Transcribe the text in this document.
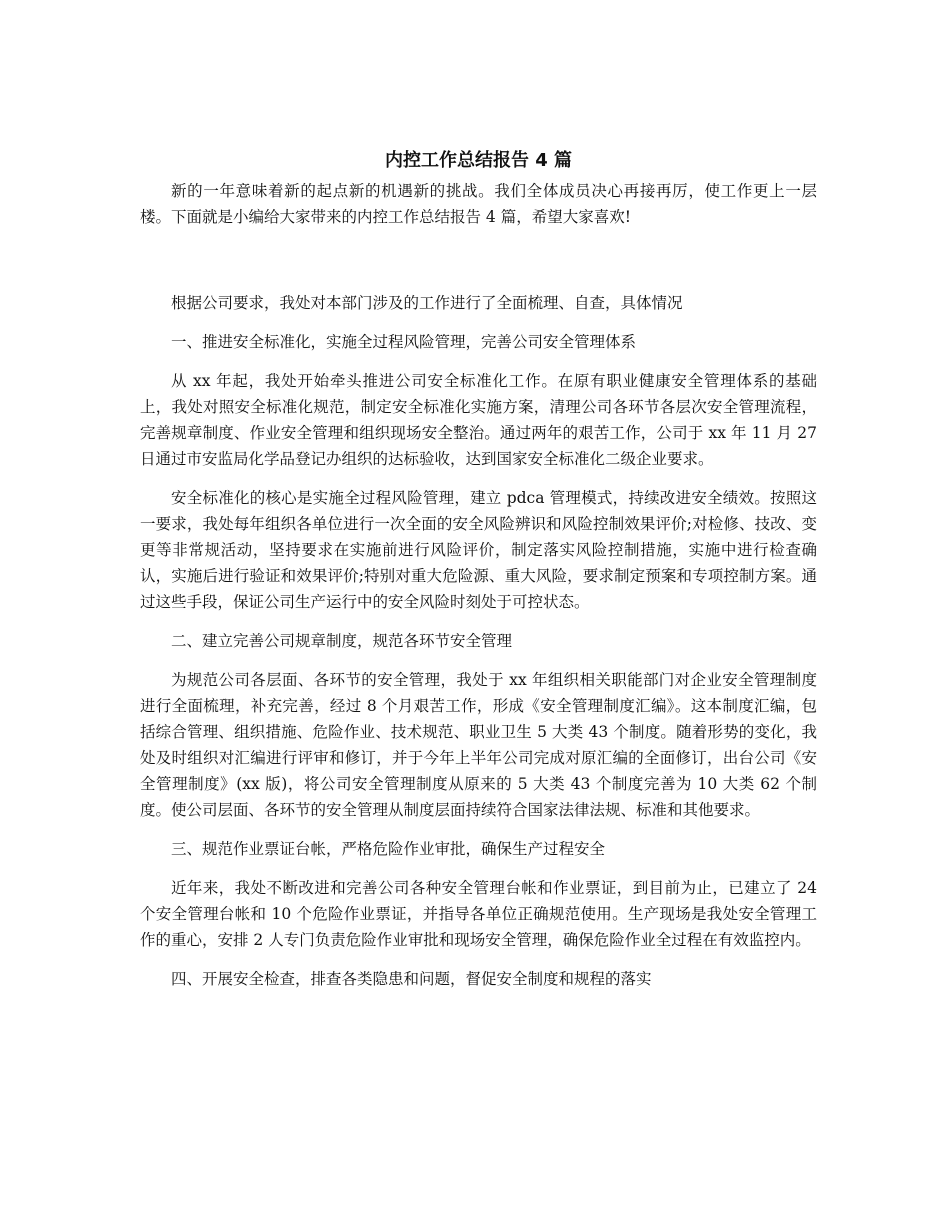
内控工作总结报告 4 篇

新的一年意味着新的起点新的机遇新的挑战。我们全体成员决心再接再厉，使工作更上一层楼。下面就是小编给大家带来的内控工作总结报告 4 篇，希望大家喜欢!

根据公司要求，我处对本部门涉及的工作进行了全面梳理、自查，具体情况

一、推进安全标准化，实施全过程风险管理，完善公司安全管理体系

从 xx 年起，我处开始牵头推进公司安全标准化工作。在原有职业健康安全管理体系的基础上，我处对照安全标准化规范，制定安全标准化实施方案，清理公司各环节各层次安全管理流程，完善规章制度、作业安全管理和组织现场安全整治。通过两年的艰苦工作，公司于 xx 年 11 月 27 日通过市安监局化学品登记办组织的达标验收，达到国家安全标准化二级企业要求。

安全标准化的核心是实施全过程风险管理，建立 pdca 管理模式，持续改进安全绩效。按照这一要求，我处每年组织各单位进行一次全面的安全风险辨识和风险控制效果评价;对检修、技改、变更等非常规活动，坚持要求在实施前进行风险评价，制定落实风险控制措施，实施中进行检查确认，实施后进行验证和效果评价;特别对重大危险源、重大风险，要求制定预案和专项控制方案。通过这些手段，保证公司生产运行中的安全风险时刻处于可控状态。

二、建立完善公司规章制度，规范各环节安全管理

为规范公司各层面、各环节的安全管理，我处于 xx 年组织相关职能部门对企业安全管理制度进行全面梳理，补充完善，经过 8 个月艰苦工作，形成《安全管理制度汇编》。这本制度汇编，包括综合管理、组织措施、危险作业、技术规范、职业卫生 5 大类 43 个制度。随着形势的变化，我处及时组织对汇编进行评审和修订，并于今年上半年公司完成对原汇编的全面修订，出台公司《安全管理制度》(xx 版)，将公司安全管理制度从原来的 5 大类 43 个制度完善为 10 大类 62 个制度。使公司层面、各环节的安全管理从制度层面持续符合国家法律法规、标准和其他要求。

三、规范作业票证台帐，严格危险作业审批，确保生产过程安全

近年来，我处不断改进和完善公司各种安全管理台帐和作业票证，到目前为止，已建立了 24 个安全管理台帐和 10 个危险作业票证，并指导各单位正确规范使用。生产现场是我处安全管理工作的重心，安排 2 人专门负责危险作业审批和现场安全管理，确保危险作业全过程在有效监控内。

四、开展安全检查，排查各类隐患和问题，督促安全制度和规程的落实
